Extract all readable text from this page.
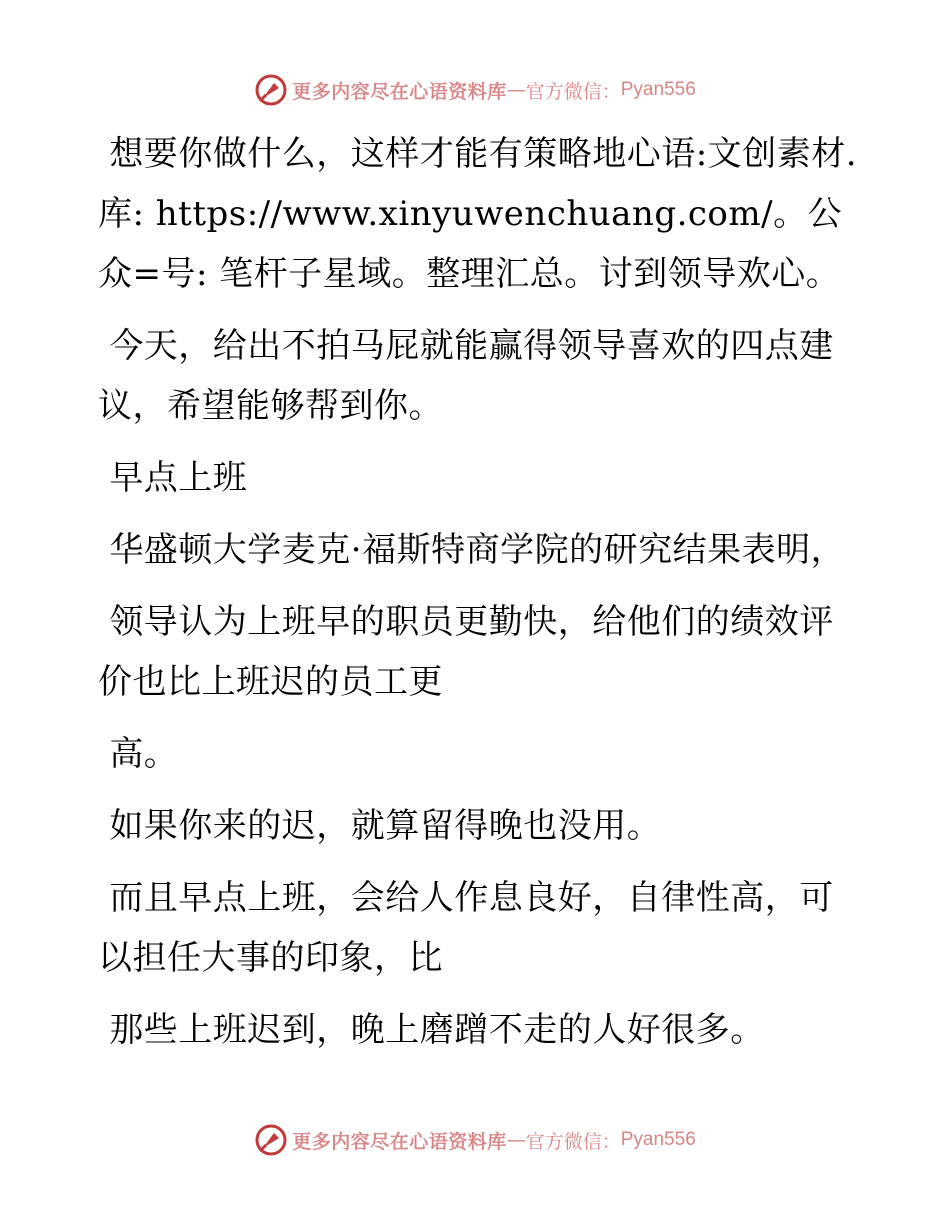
更多内容尽在心语资料库 — 官方微信： Pyan556

想要你做什么，这样才能有策略地心语:文创素材.库: https://www.xinyuwenchuang.com/。公众=号: 笔杆子星域。整理汇总。讨到领导欢心。

今天，给出不拍马屁就能赢得领导喜欢的四点建议，希望能够帮到你。

早点上班

华盛顿大学麦克·福斯特商学院的研究结果表明，

领导认为上班早的职员更勤快，给他们的绩效评价也比上班迟的员工更

高。

如果你来的迟，就算留得晚也没用。

而且早点上班，会给人作息良好，自律性高，可以担任大事的印象，比

那些上班迟到，晚上磨蹭不走的人好很多。

更多内容尽在心语资料库 — 官方微信： Pyan556
